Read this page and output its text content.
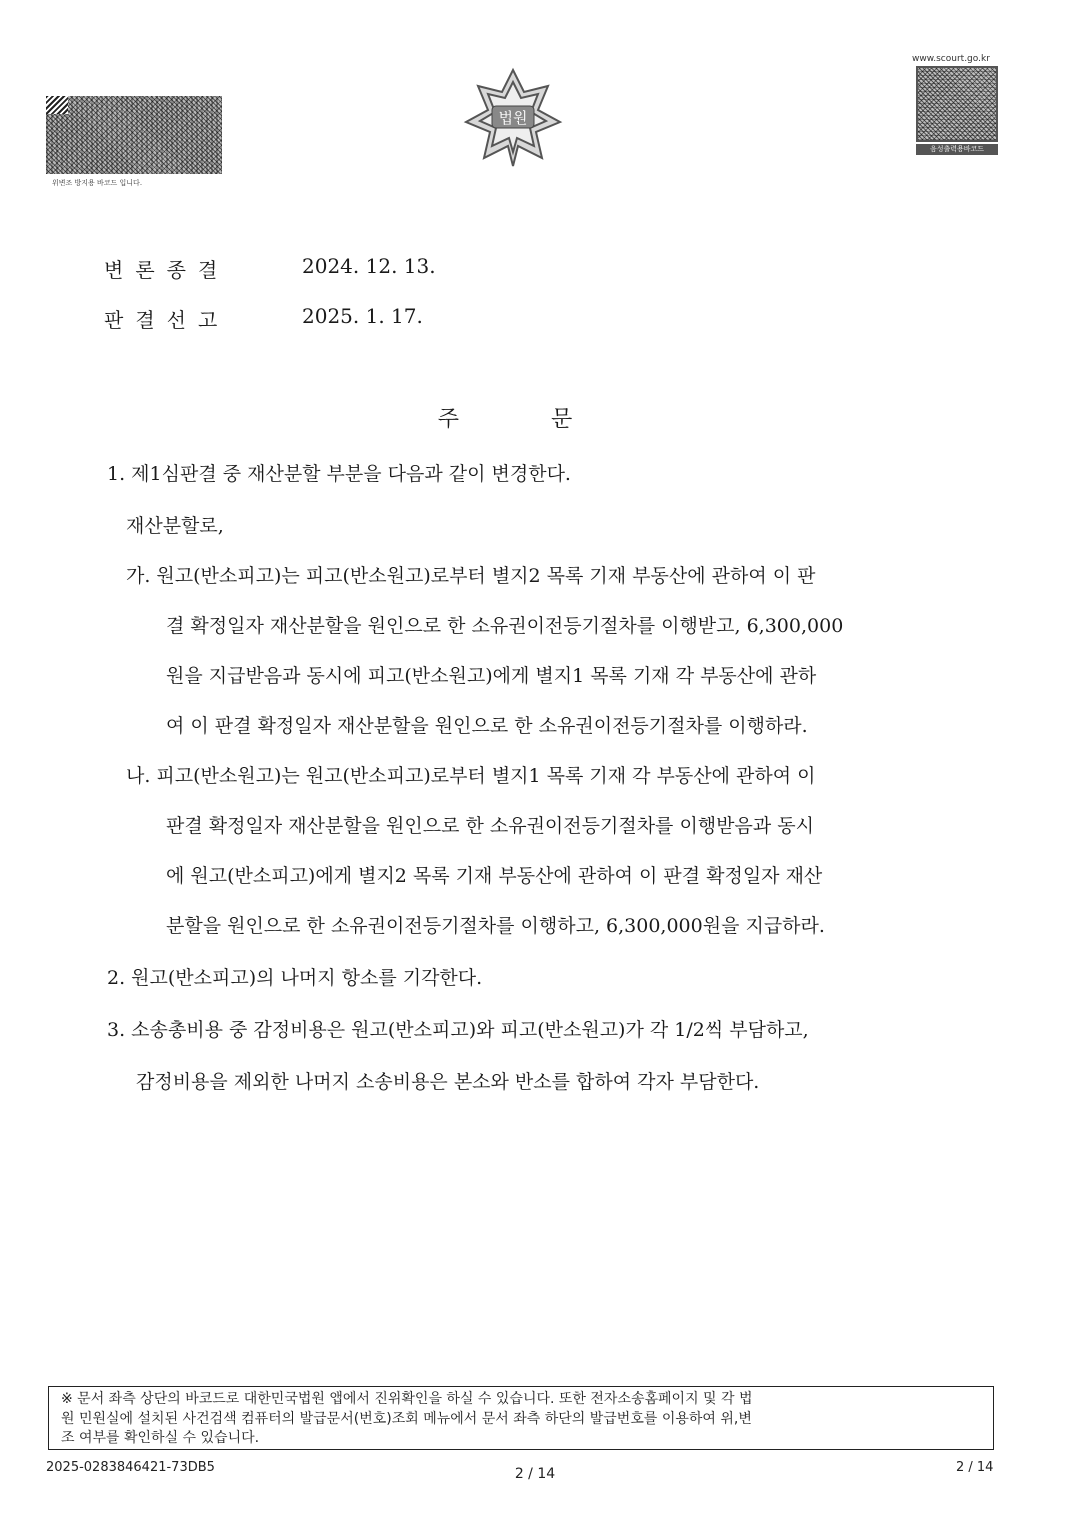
위변조 방지용 바코드 입니다.
법원
www.scourt.go.kr
음성출력용바코드
변론종결	2024. 12. 13.
판결선고	2025. 1. 17.
주	문
1. 제1심판결 중 재산분할 부분을 다음과 같이 변경한다.
재산분할로,
가. 원고(반소피고)는 피고(반소원고)로부터 별지2 목록 기재 부동산에 관하여 이 판
결 확정일자 재산분할을 원인으로 한 소유권이전등기절차를 이행받고, 6,300,000
원을 지급받음과 동시에 피고(반소원고)에게 별지1 목록 기재 각 부동산에 관하
여 이 판결 확정일자 재산분할을 원인으로 한 소유권이전등기절차를 이행하라.
나. 피고(반소원고)는 원고(반소피고)로부터 별지1 목록 기재 각 부동산에 관하여 이
판결 확정일자 재산분할을 원인으로 한 소유권이전등기절차를 이행받음과 동시
에 원고(반소피고)에게 별지2 목록 기재 부동산에 관하여 이 판결 확정일자 재산
분할을 원인으로 한 소유권이전등기절차를 이행하고, 6,300,000원을 지급하라.
2. 원고(반소피고)의 나머지 항소를 기각한다.
3. 소송총비용 중 감정비용은 원고(반소피고)와 피고(반소원고)가 각 1/2씩 부담하고,
감정비용을 제외한 나머지 소송비용은 본소와 반소를 합하여 각자 부담한다.
※ 문서 좌측 상단의 바코드로 대한민국법원 앱에서 진위확인을 하실 수 있습니다. 또한 전자소송홈페이지 및 각 법
원 민원실에 설치된 사건검색 컴퓨터의 발급문서(번호)조회 메뉴에서 문서 좌측 하단의 발급번호를 이용하여 위,변
조 여부를 확인하실 수 있습니다.
2025-0283846421-73DB5	2 / 14	2 / 14
